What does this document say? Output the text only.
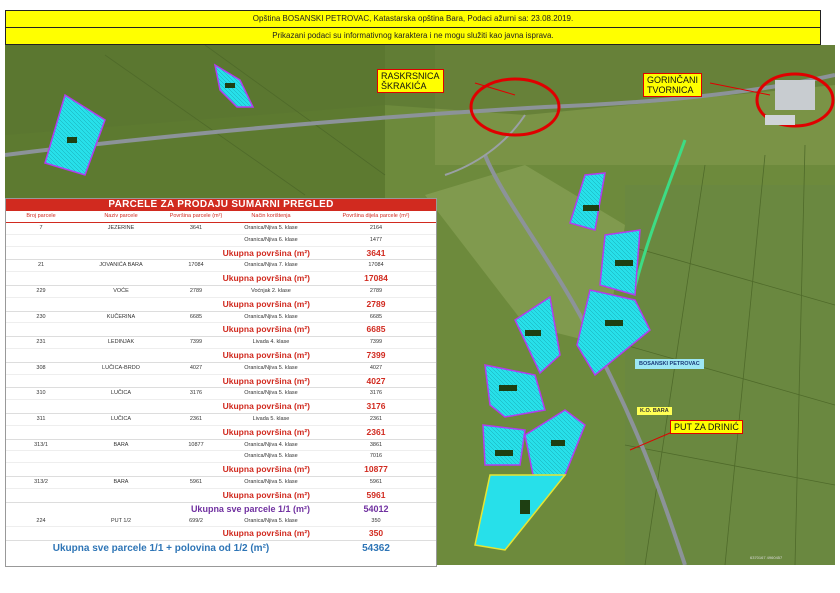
Opština BOSANSKI PETROVAC, Katastarska opština Bara, Podaci ažurni sa: 23.08.2019.
Prikazani podaci su informativnog karaktera i ne mogu služiti kao javna isprava.
RASKRSNICA
ŠKRAKIĆA
GORINČANI
TVORNICA
PUT ZA DRINIĆ
BOSANSKI PETROVAC
K.O. BARA
6370167 4960457
PARCELE ZA PRODAJU SUMARNI PREGLED
Broj parcele	Naziv parcele	Površina parcele (m²)	Način korištenja	Površina dijela parcele (m²)
7	JEZERINE	3641	Oranica/Njiva 5. klase	2164
Oranica/Njiva 6. klase	1477
Ukupna površina (m²)	3641
21	JOVANIĆA BARA	17084	Oranica/Njiva 7. klase	17084
Ukupna površina (m²)	17084
229	VOĆE	2789	Voćnjak 2. klase	2789
Ukupna površina (m²)	2789
230	KUČERINA	6685	Oranica/Njiva 5. klase	6685
Ukupna površina (m²)	6685
231	LEDINJAK	7399	Livada 4. klase	7399
Ukupna površina (m²)	7399
308	LUČICA-BRDO	4027	Oranica/Njiva 5. klase	4027
Ukupna površina (m²)	4027
310	LUČICA	3176	Oranica/Njiva 5. klase	3176
Ukupna površina (m²)	3176
311	LUČICA	2361	Livada 5. klase	2361
Ukupna površina (m²)	2361
313/1	BARA	10877	Oranica/Njiva 4. klase	3861
Oranica/Njiva 5. klase	7016
Ukupna površina (m²)	10877
313/2	BARA	5961	Oranica/Njiva 5. klase	5961
Ukupna površina (m²)	5961
Ukupna sve parcele 1/1 (m²)	54012
224	PUT 1/2	699/2	Oranica/Njiva 5. klase	350
Ukupna površina (m²)	350
Ukupna sve parcele 1/1 + polovina od 1/2 (m²)	54362
